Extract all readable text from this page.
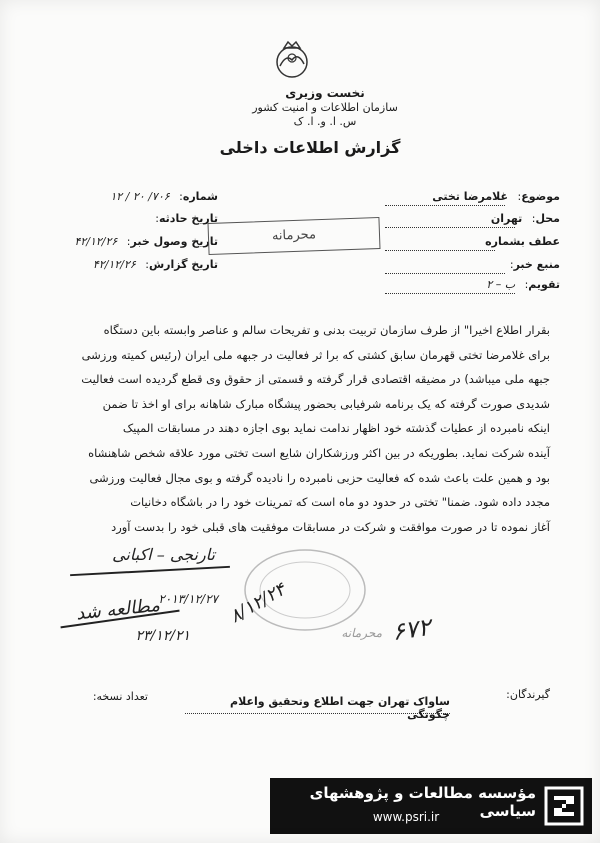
نخست وزیری
سازمان اطلاعات و امنیت کشور
س. ا. و. ا. ک
گزارش اطلاعات داخلی
شماره: ۷۰۶/ ۲۰ / ۱۲
تاریخ حادثه:
تاریخ وصول خبر: ۴۲/۱۲/۲۶
تاریخ گزارش: ۴۲/۱۲/۲۶
موضوع: غلامرضا تختی
محل: تهران
عطف بشماره
منبع خبر:
تقویم: ب – ۲
محرمانه
بقرار اطلاع اخیرا" از طرف سازمان تربیت بدنی و تفریحات سالم و عناصر وابسته باین دستگاه
برای غلامرضا تختی قهرمان سابق کشتی که برا ثر فعالیت در جبهه ملی ایران (رئیس کمیته ورزشی
جبهه ملی میباشد) در مضیقه اقتصادی قرار گرفته و قسمتی از حقوق وی قطع گردیده است فعالیت
شدیدی صورت گرفته که یک برنامه شرفیابی بحضور پیشگاه مبارک شاهانه برای او اخذ تا ضمن
اینکه نامبرده از عطیات گذشته خود اظهار ندامت نماید بوی اجازه دهند در مسابقات المپیک
آینده شرکت نماید. بطوریکه در بین اکثر ورزشکاران شایع است تختی مورد علاقه شخص شاهنشاه
بود و همین علت باعث شده که فعالیت حزبی نامبرده را نادیده گرفته و بوی مجال فعالیت ورزشی
مجدد داده شود. ضمنا" تختی در حدود دو ماه است که تمرینات خود را در باشگاه دخانیات
آغاز نموده تا در صورت موافقت و شرکت در مسابقات موفقیت های قبلی خود را بدست آورد
تارنجی – اکبانی
۲۰۱۳/۱۲/۲۷
مطالعه شد
۲۳/۱۲/۲۱
۸/۱۲/۲۴
محرمانه ۶۷۲
گیرندگان:
ساواک تهران جهت اطلاع وتحقیق واعلام چگونگی
تعداد نسخه:
مؤسسه مطالعات و پژوهشهای سیاسی
www.psri.ir
